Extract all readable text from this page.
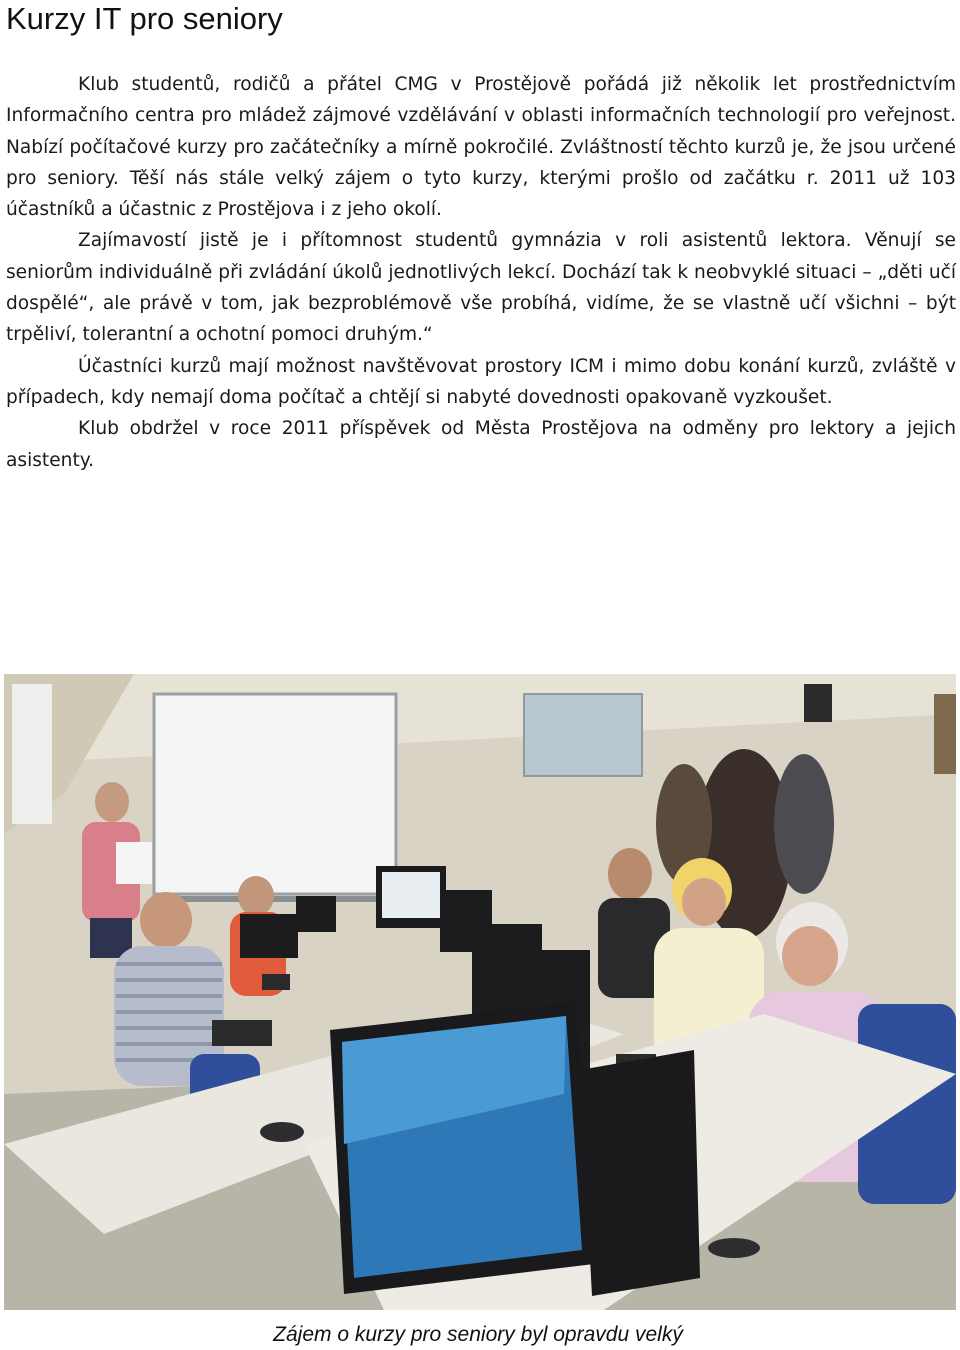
Kurzy IT pro seniory

Klub studentů, rodičů a přátel CMG v Prostějově pořádá již několik let prostřednictvím Informačního centra pro mládež zájmové vzdělávání v oblasti informačních technologií pro veřejnost. Nabízí počítačové kurzy pro začátečníky a mírně pokročilé. Zvláštností těchto kurzů je, že jsou určené pro seniory. Těší nás stále velký zájem o tyto kurzy, kterými prošlo od začátku r. 2011 už 103 účastníků a účastnic z Prostějova i z jeho okolí.

Zajímavostí jistě je i přítomnost studentů gymnázia v roli asistentů lektora. Věnují se seniorům individuálně při zvládání úkolů jednotlivých lekcí. Dochází tak k neobvyklé situaci – „děti učí dospělé“, ale právě v tom, jak bezproblémově vše probíhá, vidíme, že se vlastně učí všichni – být trpěliví, tolerantní a ochotní pomoci druhým.“

Účastníci kurzů mají možnost navštěvovat prostory ICM i mimo dobu konání kurzů, zvláště v případech, kdy nemají doma počítač a chtějí si nabyté dovednosti opakovaně vyzkoušet.

Klub obdržel v roce 2011 příspěvek od Města Prostějova na odměny pro lektory a jejich asistenty.

Zájem o kurzy pro seniory byl opravdu velký
